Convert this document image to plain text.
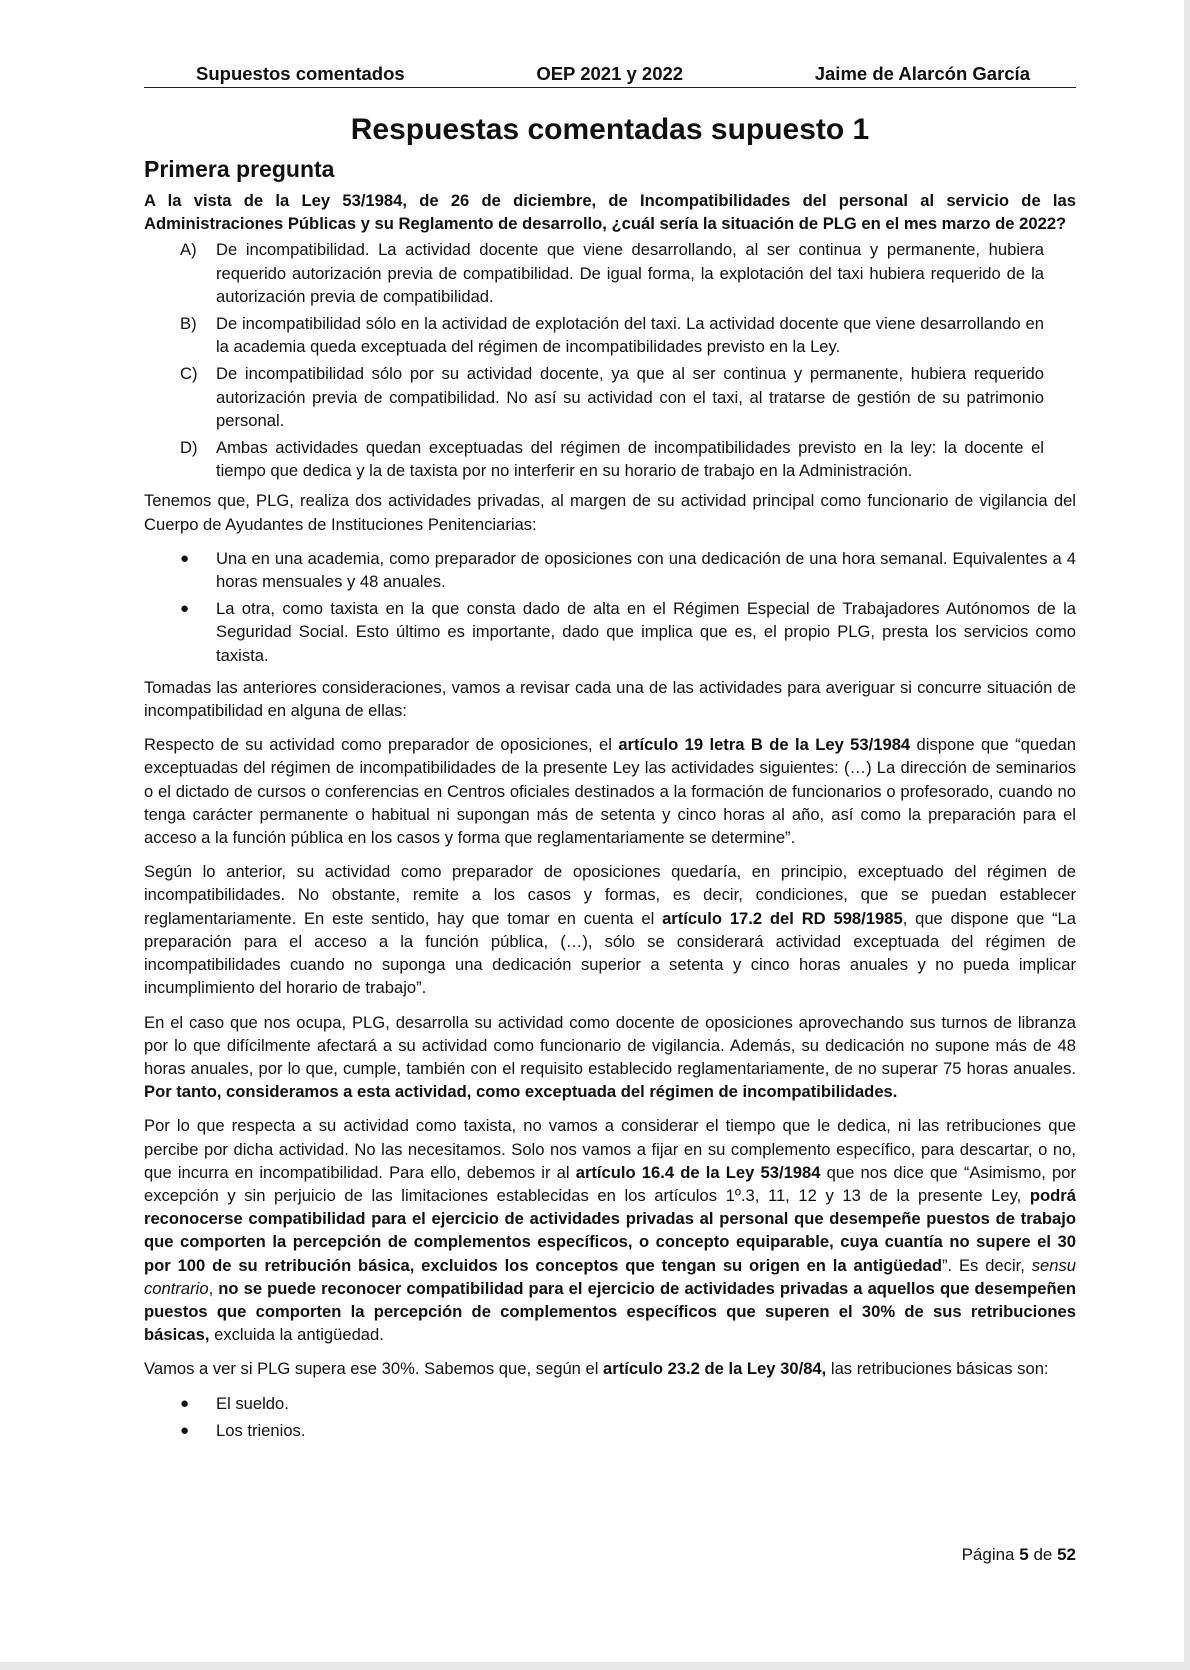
Supuestos comentados	OEP 2021 y 2022	Jaime de Alarcón García
Respuestas comentadas supuesto 1
Primera pregunta

A la vista de la Ley 53/1984, de 26 de diciembre, de Incompatibilidades del personal al servicio de las Administraciones Públicas y su Reglamento de desarrollo, ¿cuál sería la situación de PLG en el mes marzo de 2022?

A)	De incompatibilidad. La actividad docente que viene desarrollando, al ser continua y permanente, hubiera requerido autorización previa de compatibilidad. De igual forma, la explotación del taxi hubiera requerido de la autorización previa de compatibilidad.
B)	De incompatibilidad sólo en la actividad de explotación del taxi. La actividad docente que viene desarrollando en la academia queda exceptuada del régimen de incompatibilidades previsto en la Ley.
C)	De incompatibilidad sólo por su actividad docente, ya que al ser continua y permanente, hubiera requerido autorización previa de compatibilidad. No así su actividad con el taxi, al tratarse de gestión de su patrimonio personal.
D)	Ambas actividades quedan exceptuadas del régimen de incompatibilidades previsto en la ley: la docente el tiempo que dedica y la de taxista por no interferir en su horario de trabajo en la Administración.

Tenemos que, PLG, realiza dos actividades privadas, al margen de su actividad principal como funcionario de vigilancia del Cuerpo de Ayudantes de Instituciones Penitenciarias:

●	Una en una academia, como preparador de oposiciones con una dedicación de una hora semanal. Equivalentes a 4 horas mensuales y 48 anuales.
●	La otra, como taxista en la que consta dado de alta en el Régimen Especial de Trabajadores Autónomos de la Seguridad Social. Esto último es importante, dado que implica que es, el propio PLG, presta los servicios como taxista.

Tomadas las anteriores consideraciones, vamos a revisar cada una de las actividades para averiguar si concurre situación de incompatibilidad en alguna de ellas:

Respecto de su actividad como preparador de oposiciones, el artículo 19 letra B de la Ley 53/1984 dispone que “quedan exceptuadas del régimen de incompatibilidades de la presente Ley las actividades siguientes: (…) La dirección de seminarios o el dictado de cursos o conferencias en Centros oficiales destinados a la formación de funcionarios o profesorado, cuando no tenga carácter permanente o habitual ni supongan más de setenta y cinco horas al año, así como la preparación para el acceso a la función pública en los casos y forma que reglamentariamente se determine”.

Según lo anterior, su actividad como preparador de oposiciones quedaría, en principio, exceptuado del régimen de incompatibilidades. No obstante, remite a los casos y formas, es decir, condiciones, que se puedan establecer reglamentariamente. En este sentido, hay que tomar en cuenta el artículo 17.2 del RD 598/1985, que dispone que “La preparación para el acceso a la función pública, (…), sólo se considerará actividad exceptuada del régimen de incompatibilidades cuando no suponga una dedicación superior a setenta y cinco horas anuales y no pueda implicar incumplimiento del horario de trabajo”.

En el caso que nos ocupa, PLG, desarrolla su actividad como docente de oposiciones aprovechando sus turnos de libranza por lo que difícilmente afectará a su actividad como funcionario de vigilancia. Además, su dedicación no supone más de 48 horas anuales, por lo que, cumple, también con el requisito establecido reglamentariamente, de no superar 75 horas anuales. Por tanto, consideramos a esta actividad, como exceptuada del régimen de incompatibilidades.

Por lo que respecta a su actividad como taxista, no vamos a considerar el tiempo que le dedica, ni las retribuciones que percibe por dicha actividad. No las necesitamos. Solo nos vamos a fijar en su complemento específico, para descartar, o no, que incurra en incompatibilidad. Para ello, debemos ir al artículo 16.4 de la Ley 53/1984 que nos dice que “Asimismo, por excepción y sin perjuicio de las limitaciones establecidas en los artículos 1º.3, 11, 12 y 13 de la presente Ley, podrá reconocerse compatibilidad para el ejercicio de actividades privadas al personal que desempeñe puestos de trabajo que comporten la percepción de complementos específicos, o concepto equiparable, cuya cuantía no supere el 30 por 100 de su retribución básica, excluidos los conceptos que tengan su origen en la antigüedad”. Es decir, sensu contrario, no se puede reconocer compatibilidad para el ejercicio de actividades privadas a aquellos que desempeñen puestos que comporten la percepción de complementos específicos que superen el 30% de sus retribuciones básicas, excluida la antigüedad.

Vamos a ver si PLG supera ese 30%. Sabemos que, según el artículo 23.2 de la Ley 30/84, las retribuciones básicas son:

●	El sueldo.
●	Los trienios.
Página 5 de 52
